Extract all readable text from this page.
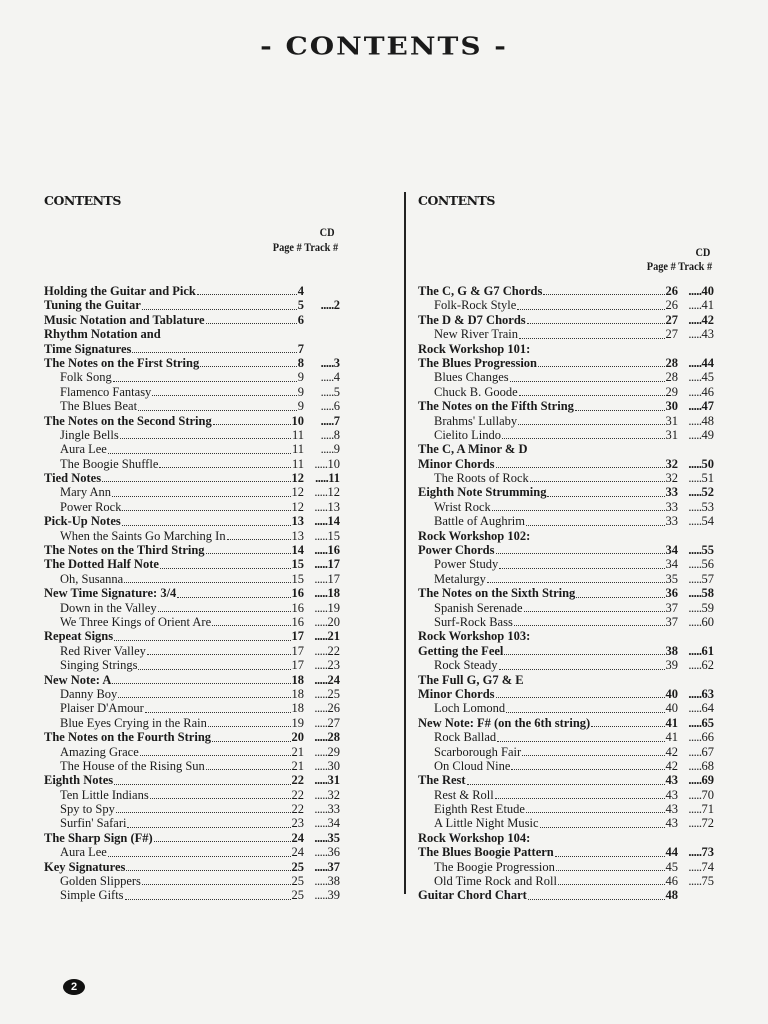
- CONTENTS -
CONTENTS
CD
Page # Track #
Holding the Guitar and Pick	4
Tuning the Guitar	5	..... 2
Music Notation and Tablature	6
Rhythm Notation and
Time Signatures	7
The Notes on the First String	8	..... 3
Folk Song	9	..... 4
Flamenco Fantasy	9	..... 5
The Blues Beat	9	..... 6
The Notes on the Second String	10	..... 7
Jingle Bells	11	..... 8
Aura Lee	11	..... 9
The Boogie Shuffle	11	..... 10
Tied Notes	12	..... 11
Mary Ann	12	..... 12
Power Rock	12	..... 13
Pick-Up Notes	13	..... 14
When the Saints Go Marching In	13	..... 15
The Notes on the Third String	14	..... 16
The Dotted Half Note	15	..... 17
Oh, Susanna	15	..... 17
New Time Signature: 3/4	16	..... 18
Down in the Valley	16	..... 19
We Three Kings of Orient Are	16	..... 20
Repeat Signs	17	..... 21
Red River Valley	17	..... 22
Singing Strings	17	..... 23
New Note: A	18	..... 24
Danny Boy	18	..... 25
Plaiser D'Amour	18	..... 26
Blue Eyes Crying in the Rain	19	..... 27
The Notes on the Fourth String	20	..... 28
Amazing Grace	21	..... 29
The House of the Rising Sun	21	..... 30
Eighth Notes	22	..... 31
Ten Little Indians	22	..... 32
Spy to Spy	22	..... 33
Surfin' Safari	23	..... 34
The Sharp Sign (F#)	24	..... 35
Aura Lee	24	..... 36
Key Signatures	25	..... 37
Golden Slippers	25	..... 38
Simple Gifts	25	..... 39
CONTENTS
CD
Page # Track #
The C, G & G7 Chords	26	..... 40
Folk-Rock Style	26	..... 41
The D & D7 Chords	27	..... 42
New River Train	27	..... 43
Rock Workshop 101:
The Blues Progression	28	..... 44
Blues Changes	28	..... 45
Chuck B. Goode	29	..... 46
The Notes on the Fifth String	30	..... 47
Brahms' Lullaby	31	..... 48
Cielito Lindo	31	..... 49
The C, A Minor & D
Minor Chords	32	..... 50
The Roots of Rock	32	..... 51
Eighth Note Strumming	33	..... 52
Wrist Rock	33	..... 53
Battle of Aughrim	33	..... 54
Rock Workshop 102:
Power Chords	34	..... 55
Power Study	34	..... 56
Metalurgy	35	..... 57
The Notes on the Sixth String	36	..... 58
Spanish Serenade	37	..... 59
Surf-Rock Bass	37	..... 60
Rock Workshop 103:
Getting the Feel	38	..... 61
Rock Steady	39	..... 62
The Full G, G7 & E
Minor Chords	40	..... 63
Loch Lomond	40	..... 64
New Note: F# (on the 6th string)	41	..... 65
Rock Ballad	41	..... 66
Scarborough Fair	42	..... 67
On Cloud Nine	42	..... 68
The Rest	43	..... 69
Rest & Roll	43	..... 70
Eighth Rest Etude	43	..... 71
A Little Night Music	43	..... 72
Rock Workshop 104:
The Blues Boogie Pattern	44	..... 73
The Boogie Progression	45	..... 74
Old Time Rock and Roll	46	..... 75
Guitar Chord Chart	48
2
